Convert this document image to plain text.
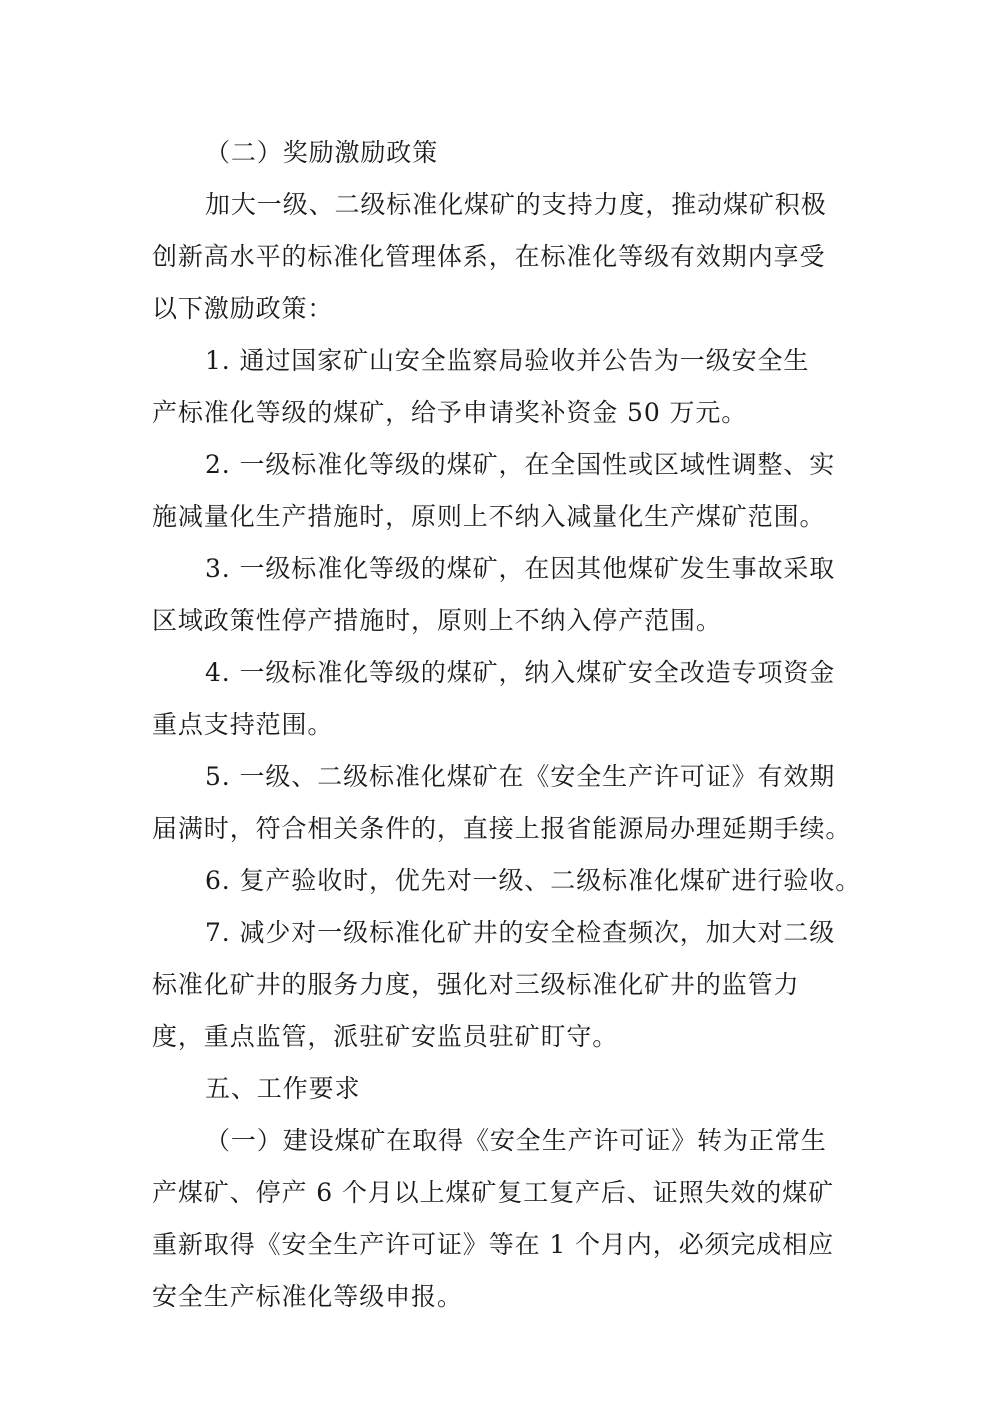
（二）奖励激励政策
加大一级、二级标准化煤矿的支持力度，推动煤矿积极
创新高水平的标准化管理体系，在标准化等级有效期内享受
以下激励政策：
1. 通过国家矿山安全监察局验收并公告为一级安全生
产标准化等级的煤矿，给予申请奖补资金 50 万元。
2. 一级标准化等级的煤矿，在全国性或区域性调整、实
施减量化生产措施时，原则上不纳入减量化生产煤矿范围。
3. 一级标准化等级的煤矿，在因其他煤矿发生事故采取
区域政策性停产措施时，原则上不纳入停产范围。
4. 一级标准化等级的煤矿，纳入煤矿安全改造专项资金
重点支持范围。
5. 一级、二级标准化煤矿在《安全生产许可证》有效期
届满时，符合相关条件的，直接上报省能源局办理延期手续。
6. 复产验收时，优先对一级、二级标准化煤矿进行验收。
7. 减少对一级标准化矿井的安全检查频次，加大对二级
标准化矿井的服务力度，强化对三级标准化矿井的监管力
度，重点监管，派驻矿安监员驻矿盯守。
五、工作要求
（一）建设煤矿在取得《安全生产许可证》转为正常生
产煤矿、停产 6 个月以上煤矿复工复产后、证照失效的煤矿
重新取得《安全生产许可证》等在 1 个月内，必须完成相应
安全生产标准化等级申报。
